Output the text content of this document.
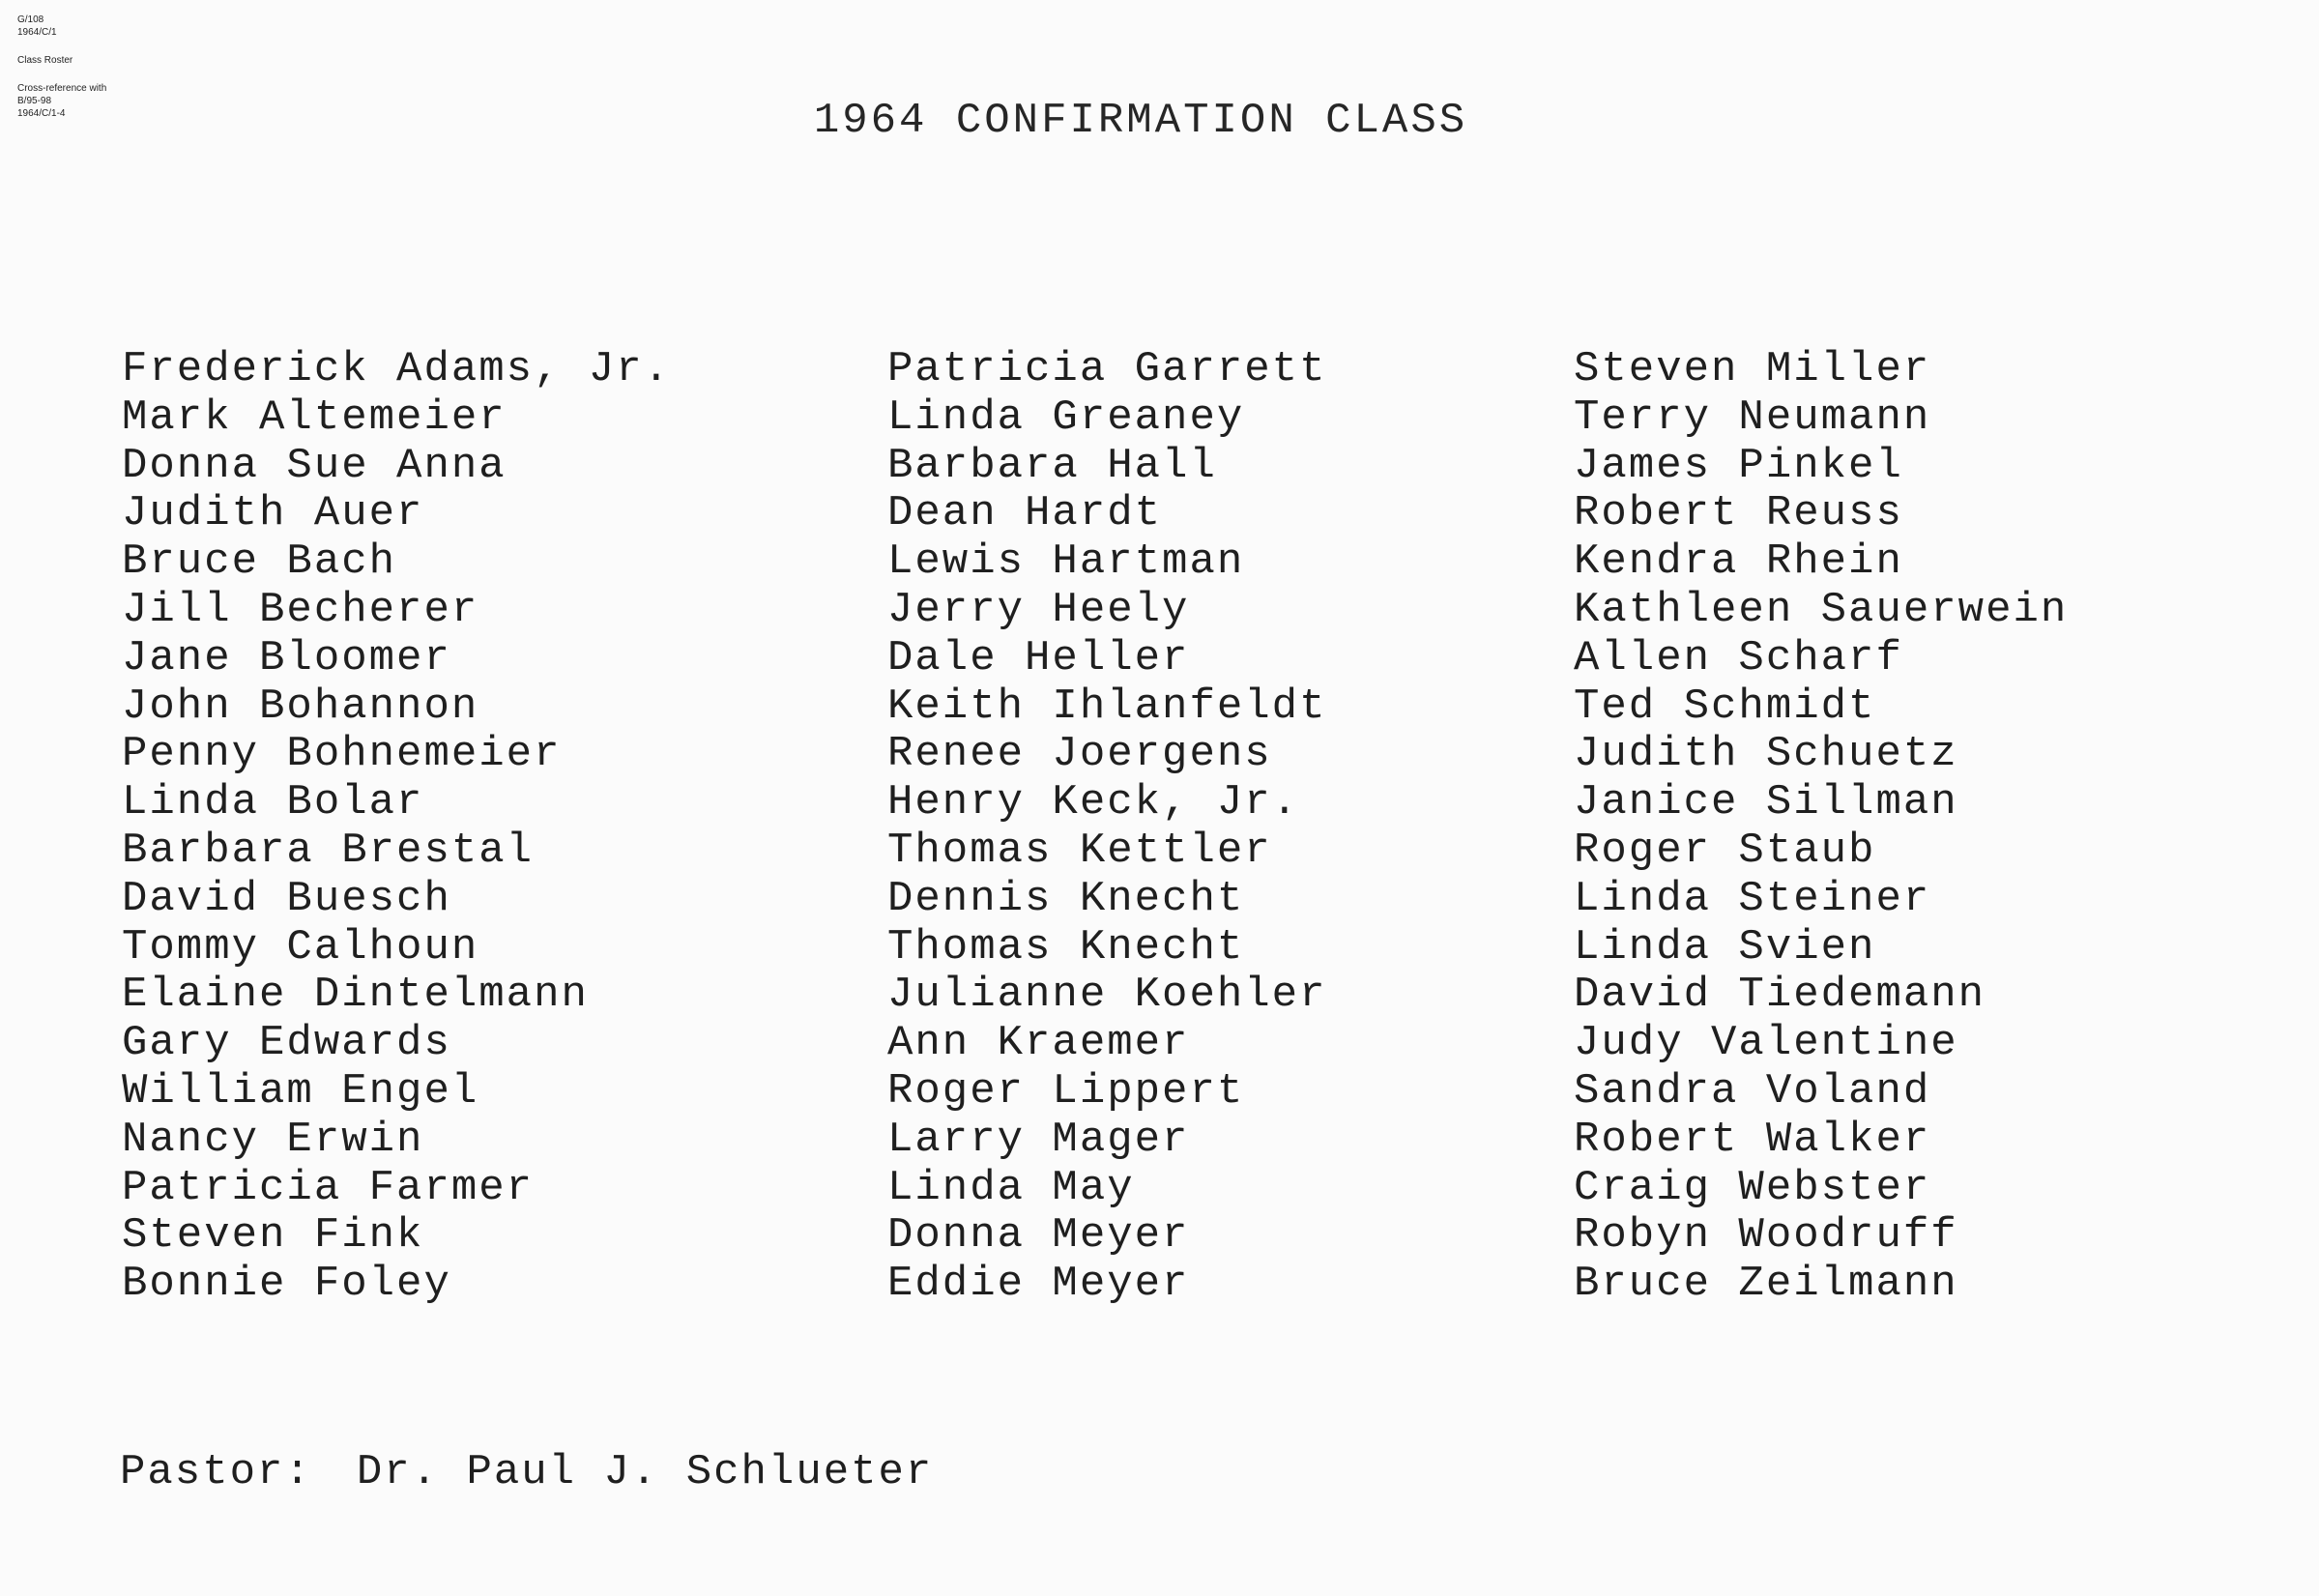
G/108
1964/C/1
Class Roster
Cross-reference with
B/95-98
1964/C/1-4	1964 CONFIRMATION CLASS
Frederick Adams, Jr.
Mark Altemeier
Donna Sue Anna
Judith Auer
Bruce Bach
Jill Becherer
Jane Bloomer
John Bohannon
Penny Bohnemeier
Linda Bolar
Barbara Brestal
David Buesch
Tommy Calhoun
Elaine Dintelmann
Gary Edwards
William Engel
Nancy Erwin
Patricia Farmer
Steven Fink
Bonnie Foley
Patricia Garrett
Linda Greaney
Barbara Hall
Dean Hardt
Lewis Hartman
Jerry Heely
Dale Heller
Keith Ihlanfeldt
Renee Joergens
Henry Keck, Jr.
Thomas Kettler
Dennis Knecht
Thomas Knecht
Julianne Koehler
Ann Kraemer
Roger Lippert
Larry Mager
Linda May
Donna Meyer
Eddie Meyer
Steven Miller
Terry Neumann
James Pinkel
Robert Reuss
Kendra Rhein
Kathleen Sauerwein
Allen Scharf
Ted Schmidt
Judith Schuetz
Janice Sillman
Roger Staub
Linda Steiner
Linda Svien
David Tiedemann
Judy Valentine
Sandra Voland
Robert Walker
Craig Webster
Robyn Woodruff
Bruce Zeilmann
Pastor: Dr. Paul J. Schlueter
